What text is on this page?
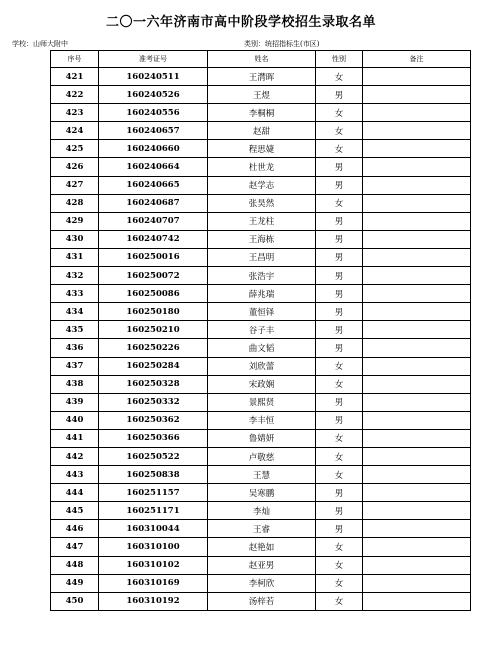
二〇一六年济南市高中阶段学校招生录取名单
学校：山师大附中	类别：统招指标生(市区)
序号	准考证号	姓名	性别	备注
421	160240511	王潸晖	女	
422	160240526	王煜	男	
423	160240556	李桐桐	女	
424	160240657	赵甜	女	
425	160240660	程思婕	女	
426	160240664	杜世龙	男	
427	160240665	赵学志	男	
428	160240687	张昊然	女	
429	160240707	王龙柱	男	
430	160240742	王海栋	男	
431	160250016	王昌明	男	
432	160250072	张浩宇	男	
433	160250086	薛兆瑞	男	
434	160250180	董恒铎	男	
435	160250210	谷子丰	男	
436	160250226	曲文韬	男	
437	160250284	刘欣蕾	女	
438	160250328	宋政娴	女	
439	160250332	景熙贤	男	
440	160250362	李丰恒	男	
441	160250366	鲁婧妍	女	
442	160250522	卢敬慈	女	
443	160250838	王慧	女	
444	160251157	吴寒鹏	男	
445	160251171	李灿	男	
446	160310044	王睿	男	
447	160310100	赵艳如	女	
448	160310102	赵亚男	女	
449	160310169	李柯欣	女	
450	160310192	汤梓若	女	
